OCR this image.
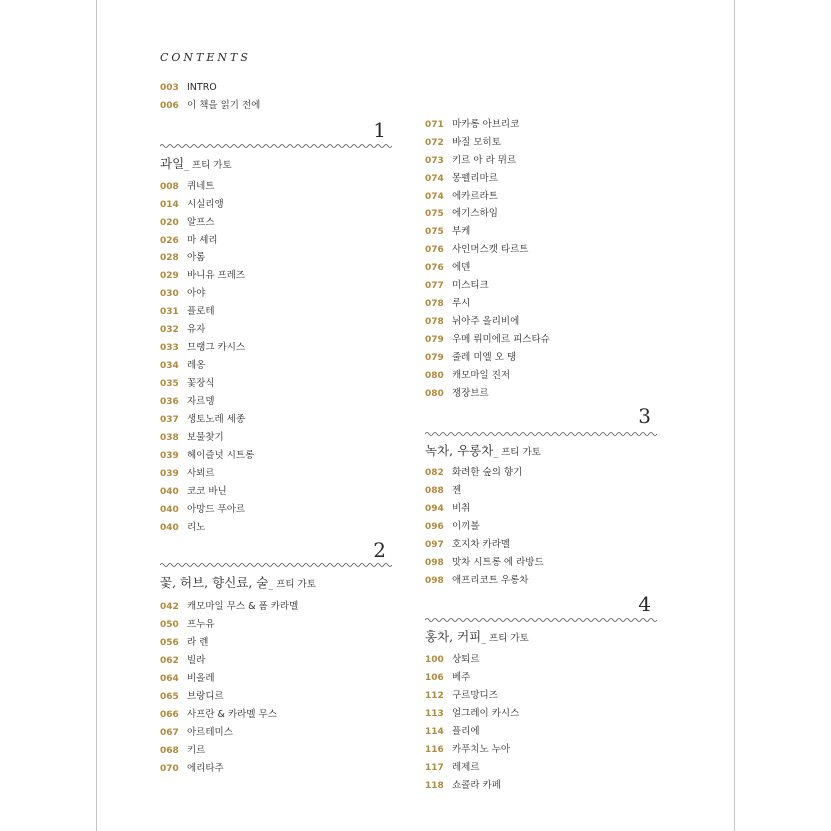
CONTENTS
003 INTRO
006 이 책을 읽기 전에
1
과일_ 프티 가토
008 퀴네트
014 시실리앵
020 알프스
026 마 셰리
028 아롬
029 바니유 프레즈
030 아야
031 플로테
032 유자
033 므랭그 카시스
034 레옹
035 꽃장식
036 자르뎅
037 생토노레 세종
038 보물찾기
039 헤이즐넛 시트롱
039 사뵈르
040 코코 바닌
040 아망드 푸아르
040 리노
2
꽃, 허브, 향신료, 술_ 프티 가토
042 캐모마일 무스 & 폼 카라멜
050 프누유
056 라 렌
062 빌라
064 비올레
065 브랑디르
066 사프란 & 카라멜 무스
067 아르테미스
068 키르
070 에리타주
071 마카롱 아브리코
072 바질 모히토
073 키르 아 라 뮈르
074 몽펠리마르
074 에카르라트
075 에기스하임
075 부케
076 사인머스캣 타르트
076 에덴
077 미스티크
078 루시
078 뉘아주 올리비에
079 우메 뤼미에르 피스타슈
079 줄레 미엘 오 탱
080 캐모마일 진저
080 쟁장브르
3
녹차, 우롱차_ 프티 가토
082 화려한 숲의 향기
088 젠
094 비취
096 이끼볼
097 호지차 카라멜
098 맛차 시트롱 에 라방드
098 애프리코트 우롱차
4
홍차, 커피_ 프티 가토
100 상퇴르
106 베주
112 구르망디즈
113 얼그레이 카시스
114 플리에
116 카푸치노 누아
117 레제르
118 쇼콜라 카페
